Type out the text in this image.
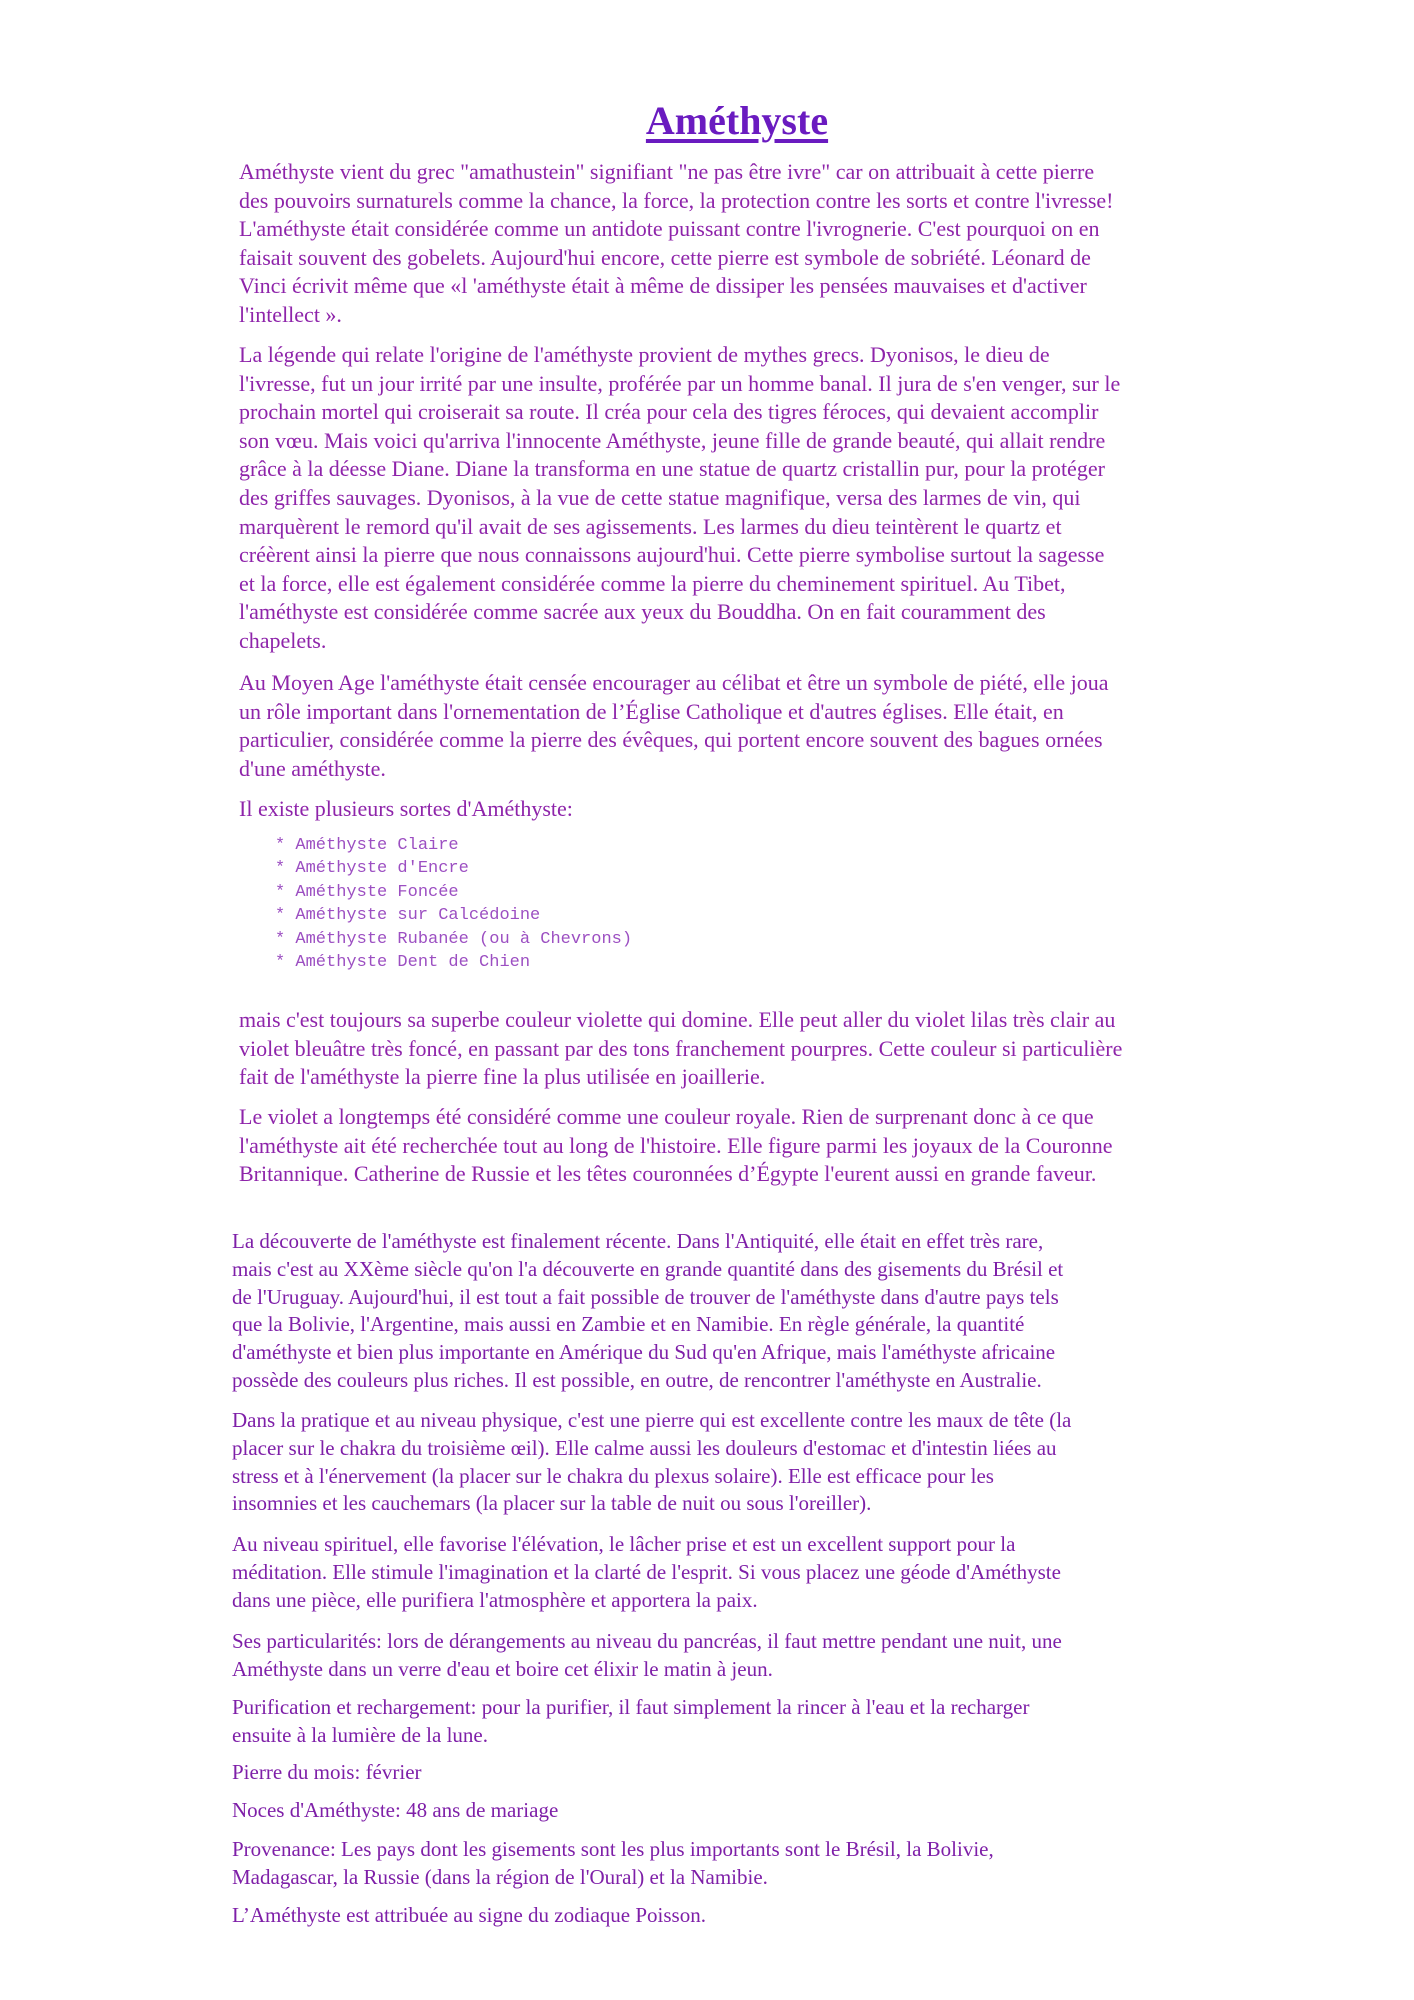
Améthyste

Améthyste vient du grec "amathustein" signifiant "ne pas être ivre" car on attribuait à cette pierre
des pouvoirs surnaturels comme la chance, la force, la protection contre les sorts et contre l'ivresse!
L'améthyste était considérée comme un antidote puissant contre l'ivrognerie. C'est pourquoi on en
faisait souvent des gobelets. Aujourd'hui encore, cette pierre est symbole de sobriété. Léonard de
Vinci écrivit même que «l 'améthyste était à même de dissiper les pensées mauvaises et d'activer
l'intellect ».

La légende qui relate l'origine de l'améthyste provient de mythes grecs. Dyonisos, le dieu de
l'ivresse, fut un jour irrité par une insulte, proférée par un homme banal. Il jura de s'en venger, sur le
prochain mortel qui croiserait sa route. Il créa pour cela des tigres féroces, qui devaient accomplir
son vœu. Mais voici qu'arriva l'innocente Améthyste, jeune fille de grande beauté, qui allait rendre
grâce à la déesse Diane. Diane la transforma en une statue de quartz cristallin pur, pour la protéger
des griffes sauvages. Dyonisos, à la vue de cette statue magnifique, versa des larmes de vin, qui
marquèrent le remord qu'il avait de ses agissements. Les larmes du dieu teintèrent le quartz et
créèrent ainsi la pierre que nous connaissons aujourd'hui. Cette pierre symbolise surtout la sagesse
et la force, elle est également considérée comme la pierre du cheminement spirituel. Au Tibet,
l'améthyste est considérée comme sacrée aux yeux du Bouddha. On en fait couramment des
chapelets.

Au Moyen Age l'améthyste était censée encourager au célibat et être un symbole de piété, elle joua
un rôle important dans l'ornementation de l’Église Catholique et d'autres églises. Elle était, en
particulier, considérée comme la pierre des évêques, qui portent encore souvent des bagues ornées
d'une améthyste.

Il existe plusieurs sortes d'Améthyste:

* Améthyste Claire
* Améthyste d'Encre
* Améthyste Foncée
* Améthyste sur Calcédoine
* Améthyste Rubanée (ou à Chevrons)
* Améthyste Dent de Chien

mais c'est toujours sa superbe couleur violette qui domine. Elle peut aller du violet lilas très clair au
violet bleuâtre très foncé, en passant par des tons franchement pourpres. Cette couleur si particulière
fait de l'améthyste la pierre fine la plus utilisée en joaillerie.

Le violet a longtemps été considéré comme une couleur royale. Rien de surprenant donc à ce que
l'améthyste ait été recherchée tout au long de l'histoire. Elle figure parmi les joyaux de la Couronne
Britannique. Catherine de Russie et les têtes couronnées d’Égypte l'eurent aussi en grande faveur.

La découverte de l'améthyste est finalement récente. Dans l'Antiquité, elle était en effet très rare,
mais c'est au XXème siècle qu'on l'a découverte en grande quantité dans des gisements du Brésil et
de l'Uruguay. Aujourd'hui, il est tout a fait possible de trouver de l'améthyste dans d'autre pays tels
que la Bolivie, l'Argentine, mais aussi en Zambie et en Namibie. En règle générale, la quantité
d'améthyste et bien plus importante en Amérique du Sud qu'en Afrique, mais l'améthyste africaine
possède des couleurs plus riches. Il est possible, en outre, de rencontrer l'améthyste en Australie.

Dans la pratique et au niveau physique, c'est une pierre qui est excellente contre les maux de tête (la
placer sur le chakra du troisième œil). Elle calme aussi les douleurs d'estomac et d'intestin liées au
stress et à l'énervement (la placer sur le chakra du plexus solaire). Elle est efficace pour les
insomnies et les cauchemars (la placer sur la table de nuit ou sous l'oreiller).

Au niveau spirituel, elle favorise l'élévation, le lâcher prise et est un excellent support pour la
méditation. Elle stimule l'imagination et la clarté de l'esprit. Si vous placez une géode d'Améthyste
dans une pièce, elle purifiera l'atmosphère et apportera la paix.

Ses particularités: lors de dérangements au niveau du pancréas, il faut mettre pendant une nuit, une
Améthyste dans un verre d'eau et boire cet élixir le matin à jeun.

Purification et rechargement: pour la purifier, il faut simplement la rincer à l'eau et la recharger
ensuite à la lumière de la lune.

Pierre du mois: février

Noces d'Améthyste: 48 ans de mariage

Provenance: Les pays dont les gisements sont les plus importants sont le Brésil, la Bolivie,
Madagascar, la Russie (dans la région de l'Oural) et la Namibie.

L’Améthyste est attribuée au signe du zodiaque Poisson.
